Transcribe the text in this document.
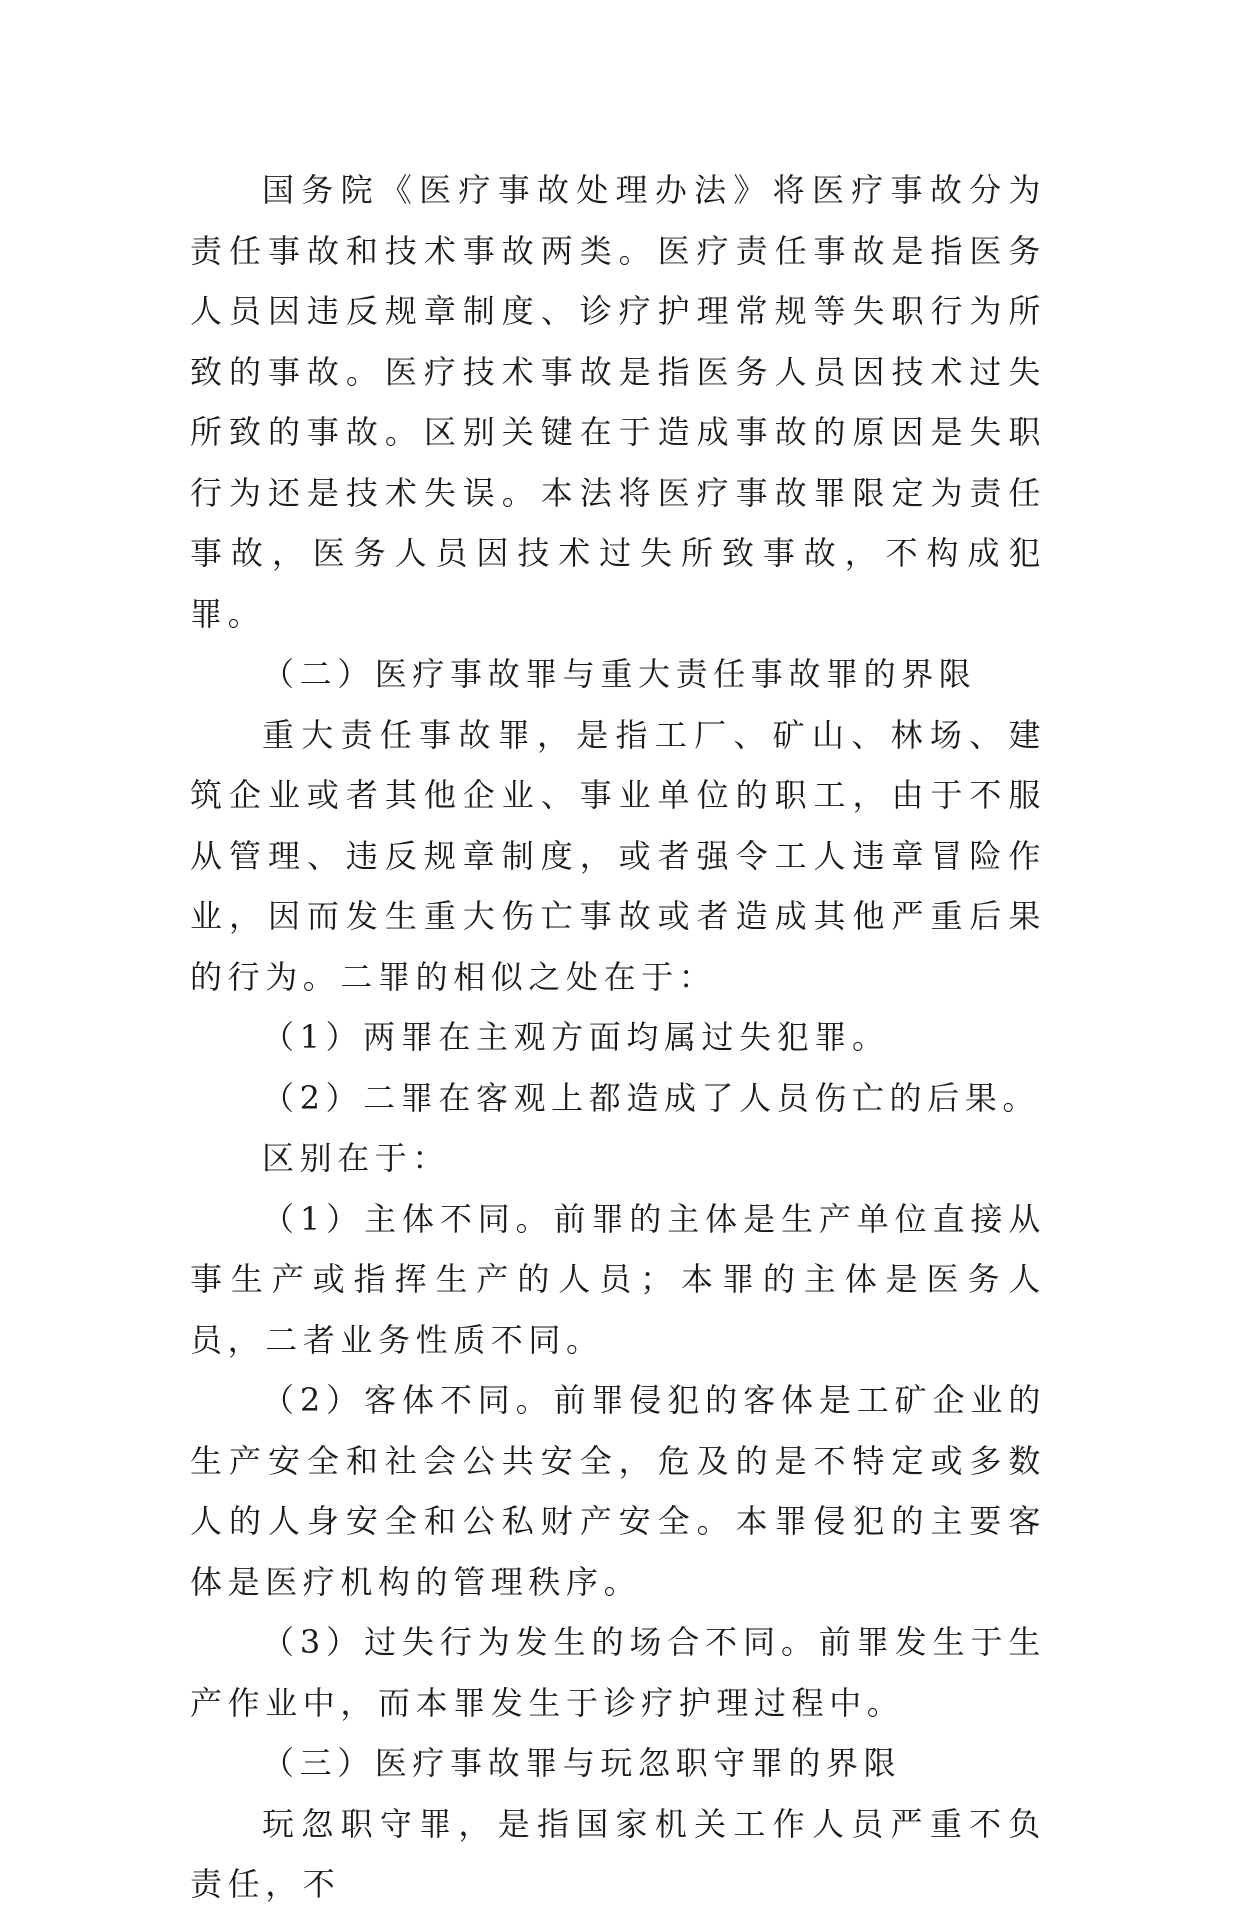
国务院《医疗事故处理办法》将医疗事故分为责任事故和技术事故两类。医疗责任事故是指医务人员因违反规章制度、诊疗护理常规等失职行为所致的事故。医疗技术事故是指医务人员因技术过失所致的事故。区别关键在于造成事故的原因是失职行为还是技术失误。本法将医疗事故罪限定为责任事故，医务人员因技术过失所致事故，不构成犯罪。

（二）医疗事故罪与重大责任事故罪的界限

重大责任事故罪，是指工厂、矿山、林场、建筑企业或者其他企业、事业单位的职工，由于不服从管理、违反规章制度，或者强令工人违章冒险作业，因而发生重大伤亡事故或者造成其他严重后果的行为。二罪的相似之处在于：

（1）两罪在主观方面均属过失犯罪。

（2）二罪在客观上都造成了人员伤亡的后果。

区别在于：

（1）主体不同。前罪的主体是生产单位直接从事生产或指挥生产的人员；本罪的主体是医务人员，二者业务性质不同。

（2）客体不同。前罪侵犯的客体是工矿企业的生产安全和社会公共安全，危及的是不特定或多数人的人身安全和公私财产安全。本罪侵犯的主要客体是医疗机构的管理秩序。

（3）过失行为发生的场合不同。前罪发生于生产作业中，而本罪发生于诊疗护理过程中。

（三）医疗事故罪与玩忽职守罪的界限

玩忽职守罪，是指国家机关工作人员严重不负责任，不
